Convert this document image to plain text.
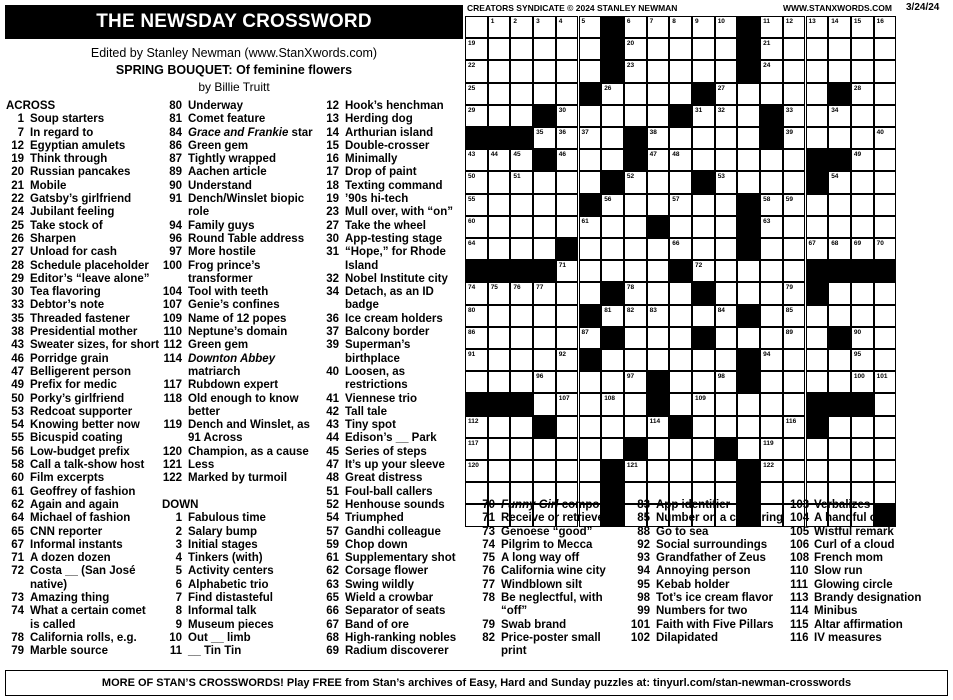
THE NEWSDAY CROSSWORD
Edited by Stanley Newman (www.StanXwords.com)
SPRING BOUQUET: Of feminine flowers
by Billie Truitt
CREATORS SYNDICATE © 2024 STANLEY NEWMAN	WWW.STANXWORDS.COM 3/24/24
ACROSS
1 Soup starters
7 In regard to
12 Egyptian amulets
19 Think through
20 Russian pancakes
21 Mobile
22 Gatsby’s girlfriend
24 Jubilant feeling
25 Take stock of
26 Sharpen
27 Unload for cash
28 Schedule placeholder
29 Editor’s “leave alone”
30 Tea flavoring
33 Debtor’s note
35 Threaded fastener
38 Presidential mother
43 Sweater sizes, for short
46 Porridge grain
47 Belligerent person
49 Prefix for medic
50 Porky’s girlfriend
53 Redcoat supporter
54 Knowing better now
55 Bicuspid coating
56 Low-budget prefix
58 Call a talk-show host
60 Film excerpts
61 Geoffrey of fashion
62 Again and again
64 Michael of fashion
65 CNN reporter
67 Informal instants
71 A dozen dozen
72 Costa __ (San José
native)
73 Amazing thing
74 What a certain comet
is called
78 California rolls, e.g.
79 Marble source
80 Underway
81 Comet feature
84 Grace and Frankie star
86 Green gem
87 Tightly wrapped
89 Aachen article
90 Understand
91 Dench/Winslet biopic
role
94 Family guys
96 Round Table address
97 More hostile
100 Frog prince’s
transformer
104 Tool with teeth
107 Genie’s confines
109 Name of 12 popes
110 Neptune’s domain
112 Green gem
114 Downton Abbey
matriarch
117 Rubdown expert
118 Old enough to know
better
119 Dench and Winslet, as
91 Across
120 Champion, as a cause
121 Less
122 Marked by turmoil
DOWN
1 Fabulous time
2 Salary bump
3 Initial stages
4 Tinkers (with)
5 Activity centers
6 Alphabetic trio
7 Find distasteful
8 Informal talk
9 Museum pieces
10 Out __ limb
11 __ Tin Tin
12 Hook’s henchman
13 Herding dog
14 Arthurian island
15 Double-crosser
16 Minimally
17 Drop of paint
18 Texting command
19 ’90s hi-tech
23 Mull over, with “on”
27 Take the wheel
30 App-testing stage
31 “Hope,” for Rhode
Island
32 Nobel Institute city
34 Detach, as an ID
badge
36 Ice cream holders
37 Balcony border
39 Superman’s
birthplace
40 Loosen, as
restrictions
41 Viennese trio
42 Tall tale
43 Tiny spot
44 Edison’s __ Park
45 Series of steps
47 It’s up your sleeve
48 Great distress
51 Foul-ball callers
52 Henhouse sounds
54 Triumphed
57 Gandhi colleague
59 Chop down
61 Supplementary shot
62 Corsage flower
63 Swing wildly
65 Wield a crowbar
66 Separator of seats
67 Band of ore
68 High-ranking nobles
69 Radium discoverer
1	2	3	4	5	6	7	8	9	10	11 12 13 14 15 16
19	20	21
22	23	24
25	26	27	28
29	30	31 32	33	34
35 36 37	38	39	40
43 44 45	46	47 48	49
50	51	52	53	54
55	56	57	58 59
60	61	63
64	66	67 68 69 70
71	72
74 75 76 77	78	79
80	81 82 83	84	85
86	87	89	90
91	92	94	95
96	97	98	100 101
107	108	109
112	114	116
117	119
120	121	122
70 Funny Girl composer
71 Receive or retrieve
73 Genoese “good”
74 Pilgrim to Mecca
75 A long way off
76 California wine city
77 Windblown silt
78 Be neglectful, with “off”
79 Swab brand
82 Price-poster small
print
83 App identifier
85 Number on a class ring
88 Go to sea
92 Social surroundings
93 Grandfather of Zeus
94 Annoying person
95 Kebab holder
98 Tot’s ice cream flavor
99 Numbers for two
101 Faith with Five Pillars
102 Dilapidated
103 Verbalizes
104 A handful of
105 Wistful remark
106 Curl of a cloud
108 French mom
110 Slow run
111 Glowing circle
113 Brandy designation
114 Minibus
115 Altar affirmation
116 IV measures
MORE OF STAN’S CROSSWORDS! Play FREE from Stan’s archives of Easy, Hard and Sunday puzzles at: tinyurl.com/stan-newman-crosswords
